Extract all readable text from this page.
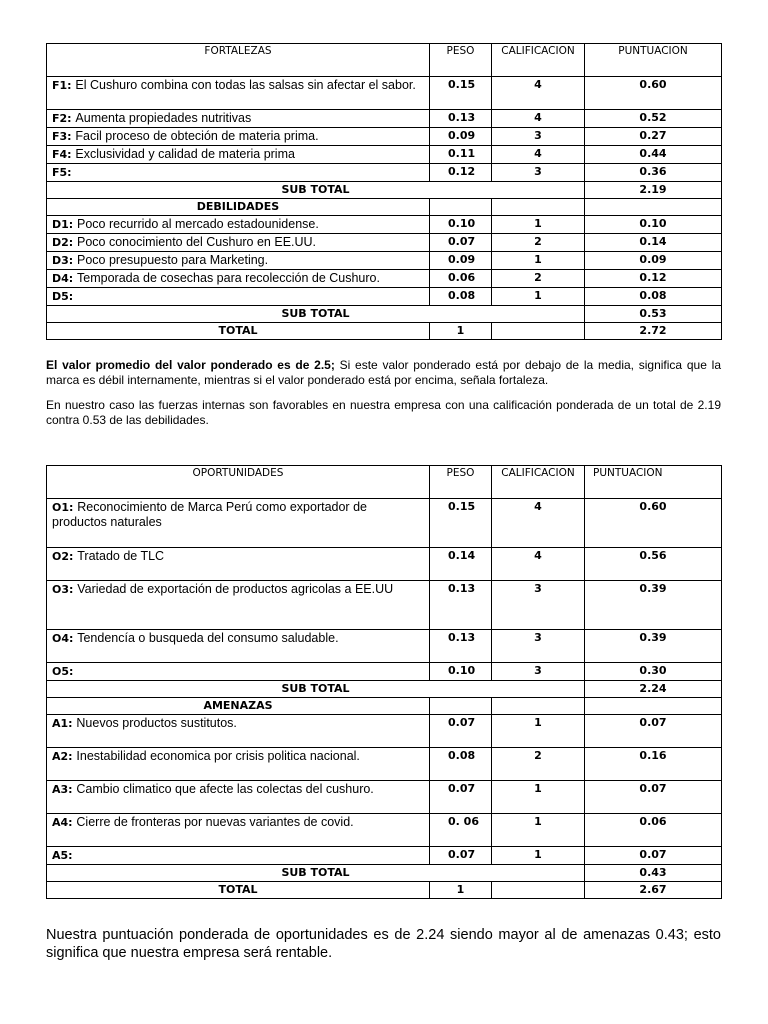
FORTALEZAS	PESO	CALIFICACION	PUNTUACION
F1: El Cushuro combina con todas las salsas sin afectar el sabor.	0.15	4	0.60
F2: Aumenta propiedades nutritivas	0.13	4	0.52
F3: Facil proceso de obteción de materia prima.	0.09	3	0.27
F4: Exclusividad y calidad de materia prima	0.11	4	0.44
F5:	0.12	3	0.36
SUB TOTAL			2.19
DEBILIDADES			
D1: Poco recurrido al mercado estadounidense.	0.10	1	0.10
D2: Poco conocimiento del Cushuro en EE.UU.	0.07	2	0.14
D3: Poco presupuesto para Marketing.	0.09	1	0.09
D4: Temporada de cosechas para recolección de Cushuro.	0.06	2	0.12
D5:	0.08	1	0.08
SUB TOTAL			0.53
TOTAL	1		2.72
El valor promedio del valor ponderado es de 2.5; Si este valor ponderado está por debajo de la media, significa que la marca es débil internamente, mientras si el valor ponderado está por encima, señala fortaleza.
En nuestro caso las fuerzas internas son favorables en nuestra empresa con una calificación ponderada de un total de 2.19 contra 0.53 de las debilidades.
OPORTUNIDADES	PESO	CALIFICACION	PUNTUACION
O1: Reconocimiento de Marca Perú como exportador de productos naturales	0.15	4	0.60
O2: Tratado de TLC	0.14	4	0.56
O3: Variedad de exportación de productos agricolas a EE.UU	0.13	3	0.39
O4: Tendencía o busqueda del consumo saludable.	0.13	3	0.39
O5:	0.10	3	0.30
SUB TOTAL			2.24
AMENAZAS			
A1: Nuevos productos sustitutos.	0.07	1	0.07
A2: Inestabilidad economica por crisis politica nacional.	0.08	2	0.16
A3: Cambio climatico que afecte las colectas del cushuro.	0.07	1	0.07
A4: Cierre de fronteras por nuevas variantes de covid.	0. 06	1	0.06
A5:	0.07	1	0.07
SUB TOTAL			0.43
TOTAL	1		2.67
Nuestra puntuación ponderada de oportunidades es de 2.24 siendo mayor al de amenazas 0.43; esto significa que nuestra empresa será rentable.
